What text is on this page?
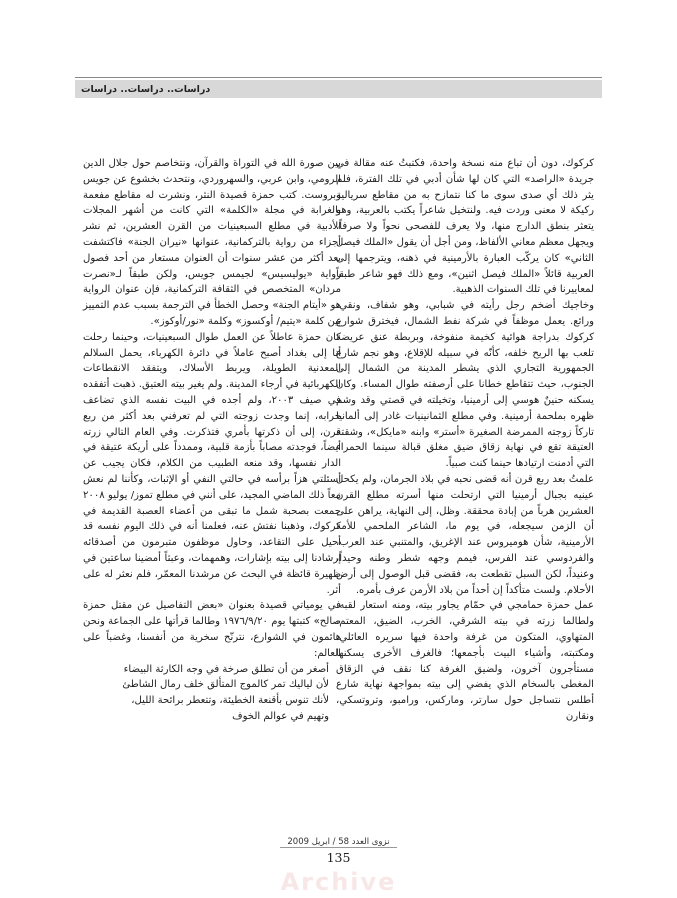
دراسات.. دراسات.. دراسات

كركوك، دون أن تباع منه نسخة واحدة، فكتبتُ عنه مقالة في جريدة «الراصد» التي كان لها شأن أدبي في تلك الفترة، فلم يثر ذلك أي صدى سوى ما كنا نتمازح به من مقاطع سريالية ركيكة لا معنى وردت فيه. ولنتخيل شاعراً يكتب بالعربية، وهو يتعثر بنطق الدارج منها، ولا يعرف للفصحى نحواً ولا صرفاً، ويجهل معظم معاني الألفاظ، ومن أجل أن يقول «الملك فيصل الثاني» كان يركّب العبارة بالأرمينية في ذهنه، ويترجمها إلى العربية قائلاً «الملك فيصل اثنين»، ومع ذلك فهو شاعر طبقاً لمعاييرنا في تلك السنوات الذهبية.

وخاجيك أضخم رجل رأيته في شبابي، وهو شفاف، ونقي، ورائع. يعمل موظفاً في شركة نفط الشمال، فيخترق شوارع كركوك بدراجة هوائية كخيمة منفوخة، وبربطة عنق عريضة تلعب بها الريح خلفه، كأنّه في سبيله للإقلاع، وهو نجم شارع الجمهورية التجاري الذي يشطر المدينة من الشمال إلى الجنوب، حيث تتقاطع خطانا على أرصفته طوال المساء. وكان يسكنه حنينٌ هوسي إلى أرمينيا، وتخيلته في قصتي وقد وشم ظهره بملحمة أرمينية. وفي مطلع الثمانينيات غادر إلى ألمانيا تاركاً زوجته الممرضة الصغيرة «أستر» وابنه «مايكل»، وشقته العتيقة تقع في نهاية زقاق ضيق مغلق قبالة سينما الحمراء التي أدمنت ارتيادها حينما كنت صبياً.

علمتُ بعد ربع قرن أنه قضى نحبه في بلاد الجرمان، ولم يكحل عينيه بجبال أرمينيا التي ارتحلت منها أسرته مطلع القرن العشرين هرباً من إبادة محققة. وظل، إلى النهاية، يراهن على أن الزمن سيجعله، في يوم ما، الشاعر الملحمي للأمة الأرمينية، شأن هوميروس عند الإغريق، والمتنبي عند العرب، والفردوسي عند الفرس، فيمم وجهه شطر وطنه وحيداً، وعنيداً، لكن السبل تقطعت به، فقضى قبل الوصول إلى أرض الأحلام. ولست متأكداً إن أحداً من بلاد الأرمن عرف بأمره.

عمل حمزة حمامجي في حمّام يجاور بيته، ومنه استعار لقبه، ولطالما زرته في بيته الشرقي، الخرب، الضيق، المعتم، المتهاوي، المتكون من غرفة واحدة فيها سريره العائلي، ومكتبته، وأشياء البيت بأجمعها؛ فالغرف الأخرى يسكنها مستأجرون آخرون، ولضيق الغرفة كنا نقف في الزقاق المغطى بالسخام الذي يفضي إلى بيته بمواجهة نهاية شارع أطلس نتساجل حول سارتر، وماركس، ورامبو، وتروتسكي، ونقارن

بين صورة الله في التوراة والقرآن، ونتخاصم حول جلال الدين الرومي، وابن عربي، والسهروردي، ونتحدث بخشوع عن جويس وبروست. كتب حمزة قصيدة النثر، ونشرت له مقاطع مفعمة بالغرابة في مجلة «الكلمة» التي كانت من أشهر المجلات الأدبية في مطلع السبعينيات من القرن العشرين، ثم نشر أجزاء من رواية بالتركمانية، عنوانها «نيران الجنة» فاكتشفت بعد أكثر من عشر سنوات أن العنوان مستعار من أحد فصول رواية «يوليسيس» لجيمس جويس، ولكن طبقاً لـ«نصرت مردان» المتخصص في الثقافة التركمانية، فإن عنوان الرواية هو «أيتام الجنة» وحصل الخطأ في الترجمة بسبب عدم التمييز بين كلمة «يتيم/ أوكسوز» وكلمة «نور/أوكوز».

كان حمزة عاطلاً عن العمل طوال السبعينيات، وحينما رحلت أنا إلى بغداد أصبح عاملاً في دائرة الكهرباء، يحمل السلالم المعدنية الطويلة، ويربط الأسلاك، ويتفقد الانقطاعات الكهربائية في أرجاء المدينة. ولم يغير بيته العتيق. ذهبت أتفقده في صيف ٢٠٠٣، ولم أجده في البيت نفسه الذي تضاعف خرابه، إنما وجدت زوجته التي لم تعرفني بعد أكثر من ربع قرن، إلى أن ذكرتها بأمري فتذكرت. وفي العام التالي زرته أيضاً، فوجدته مصاباً بأزمة قلبية، وممدداً على أريكة عتيقة في الدار نفسها، وقد منعه الطبيب من الكلام، فكان يجيب عن أسئلتي هزاً برأسه في حالتي النفي أو الإثبات، وكأننا لم نعش معاً ذلك الماضي المجيد، على أنني في مطلع تموز/ يوليو ٢٠٠٨ جمعت بصحبة شمل ما تبقى من أعضاء العصبة القديمة في كركوك، وذهبنا نفتش عنه، فعلمنا أنه في ذلك اليوم نفسه قد أحيل على التقاعد، وحاول موظفون متبرمون من أصدقائه إرشادنا إلى بيته بإشارات، وهمهمات، وعبثاً أمضينا ساعتين في ظهيرة قائظة في البحث عن مرشدنا المعمّر، فلم نعثر له على أثر.

في يومياتي قصيدة بعنوان «بعض التفاصيل عن مقتل حمزة صالح» كتبتها يوم ١٩٧٦/٩/٢٠ وطالما قرأتها على الجماعة ونحن هائمون في الشوارع، نترنّح سخرية من أنفسنا، وغضباً على العالم:

أصغر من أن تطلق صرخة في وجه الكارثة البيضاء

لأن لياليك تمر كالموج المتألق خلف رمال الشاطئ

لأنك تنوس بأقنعة الخطيئة، وتتعطر برائحة الليل،

وتهيم في عوالم الخوف

نزوى العدد 58 / ابريل 2009
135
Archive
